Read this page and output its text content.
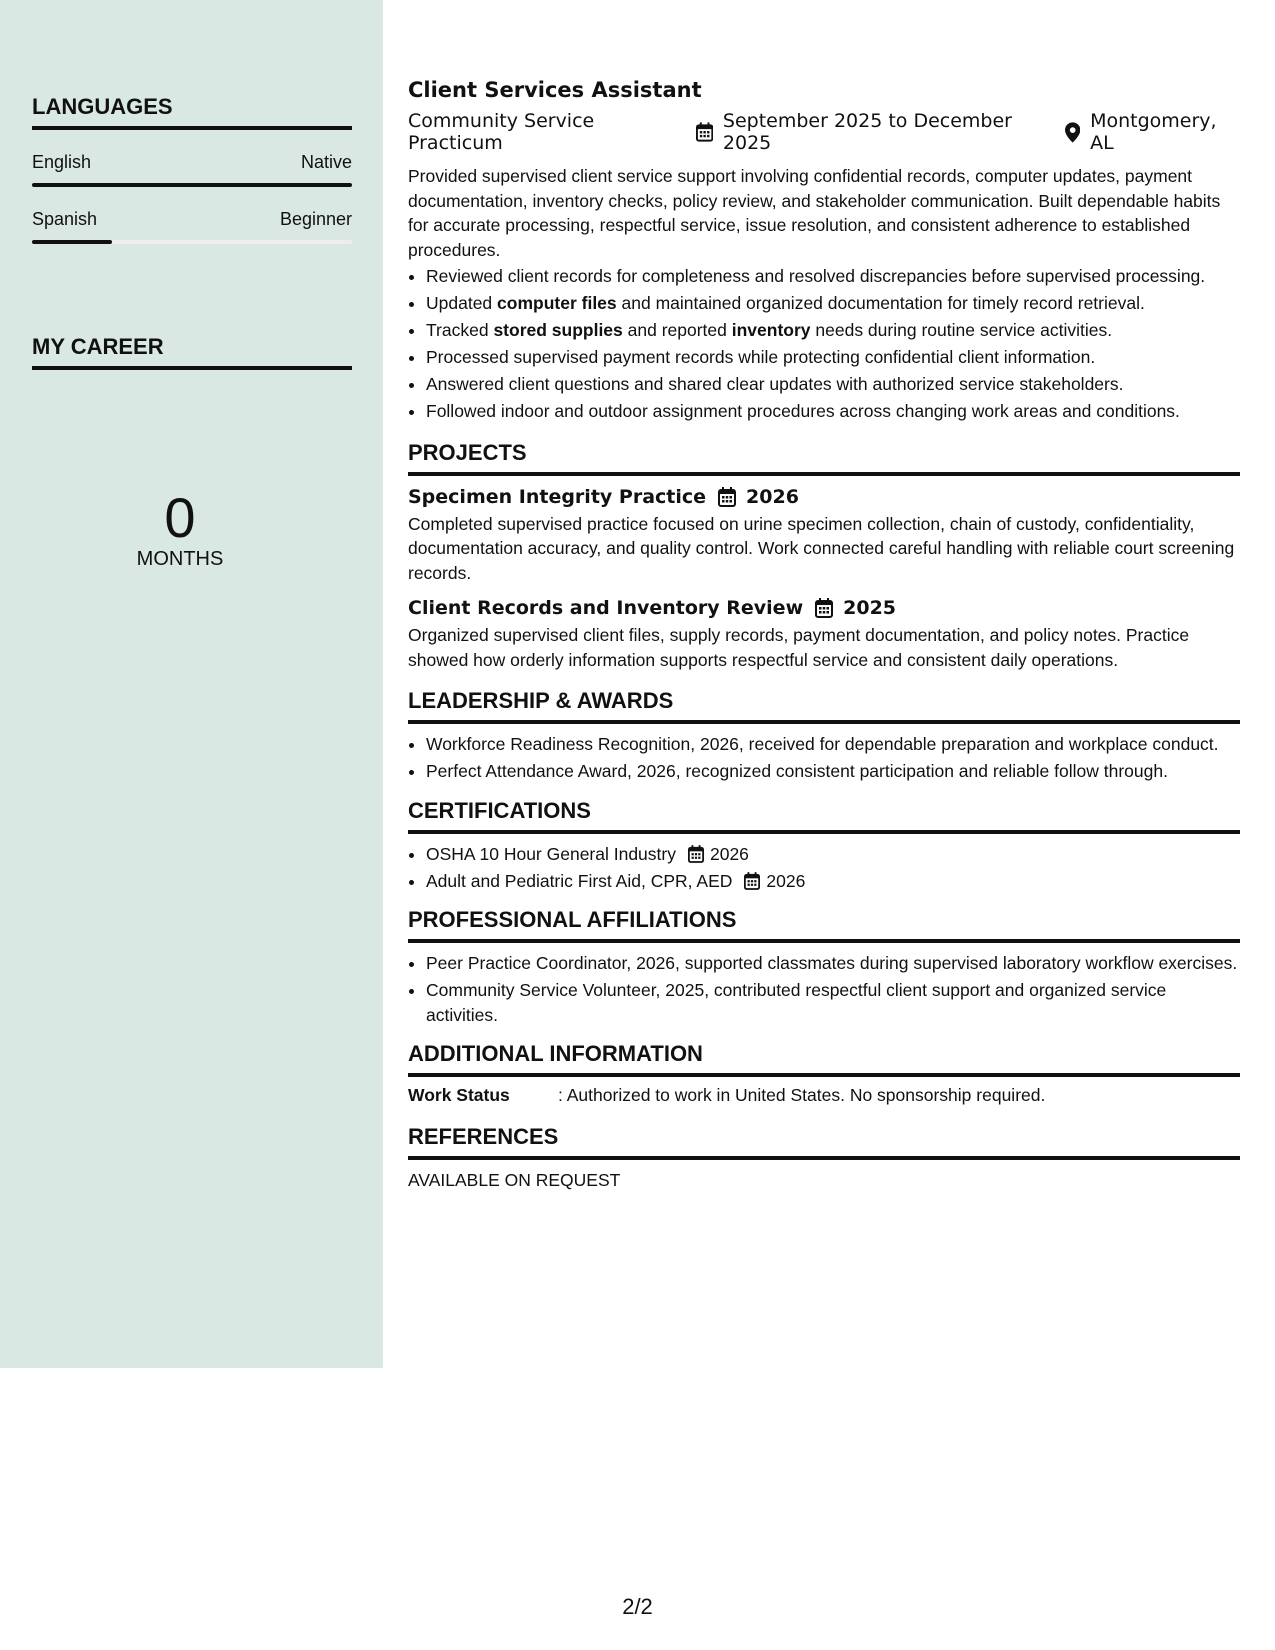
LANGUAGES
English	Native
Spanish	Beginner
MY CAREER
0
MONTHS
Client Services Assistant
Community Service Practicum
September 2025 to December 2025
Montgomery, AL

Provided supervised client service support involving confidential records, computer updates, payment documentation, inventory checks, policy review, and stakeholder communication. Built dependable habits for accurate processing, respectful service, issue resolution, and consistent adherence to established procedures.

• Reviewed client records for completeness and resolved discrepancies before supervised processing.
• Updated computer files and maintained organized documentation for timely record retrieval.
• Tracked stored supplies and reported inventory needs during routine service activities.
• Processed supervised payment records while protecting confidential client information.
• Answered client questions and shared clear updates with authorized service stakeholders.
• Followed indoor and outdoor assignment procedures across changing work areas and conditions.
PROJECTS
Specimen Integrity Practice 2026

Completed supervised practice focused on urine specimen collection, chain of custody, confidentiality, documentation accuracy, and quality control. Work connected careful handling with reliable court screening records.

Client Records and Inventory Review 2025

Organized supervised client files, supply records, payment documentation, and policy notes. Practice showed how orderly information supports respectful service and consistent daily operations.

LEADERSHIP & AWARDS
• Workforce Readiness Recognition, 2026, received for dependable preparation and workplace conduct.
• Perfect Attendance Award, 2026, recognized consistent participation and reliable follow through.
CERTIFICATIONS
• OSHA 10 Hour General Industry 2026
• Adult and Pediatric First Aid, CPR, AED 2026
PROFESSIONAL AFFILIATIONS
• Peer Practice Coordinator, 2026, supported classmates during supervised laboratory workflow exercises.
• Community Service Volunteer, 2025, contributed respectful client support and organized service activities.
ADDITIONAL INFORMATION
Work Status	: Authorized to work in United States. No sponsorship required.
REFERENCES
AVAILABLE ON REQUEST
2/2
